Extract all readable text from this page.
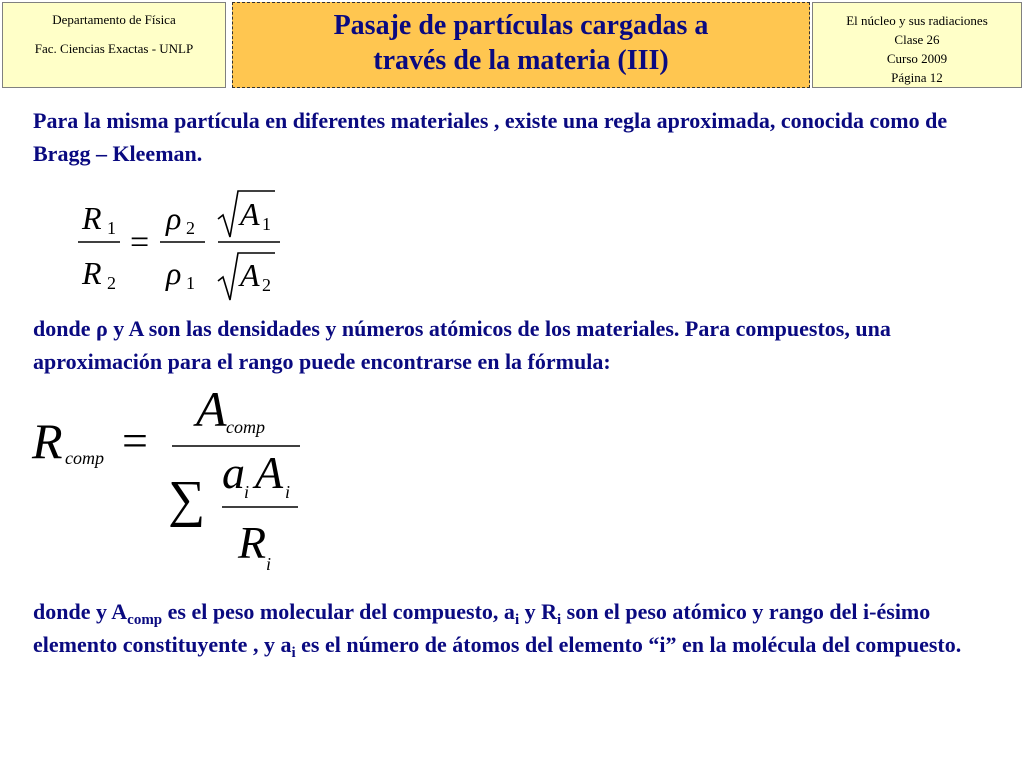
Departamento de Física
Fac. Ciencias Exactas - UNLP
Pasaje de partículas cargadas a
través de la materia (III)
El núcleo y sus radiaciones
Clase 26
Curso 2009
Página 12
Para la misma partícula en diferentes materiales , existe una regla aproximada, conocida como de Bragg – Kleeman.
R 1
R 2
=
ρ 2
ρ 1
A 1
A 2
donde ρ y A son las densidades y números atómicos de los materiales. Para compuestos, una aproximación para el rango puede encontrarse en la fórmula:
R comp =
A comp
∑ a i A i
R i
donde y $A_{comp}$ es el peso molecular del compuesto, $a_i$ y $R_i$ son el peso atómico y rango del i-ésimo elemento constituyente , y $a_i$ es el número de átomos del elemento “i” en la molécula del compuesto.
